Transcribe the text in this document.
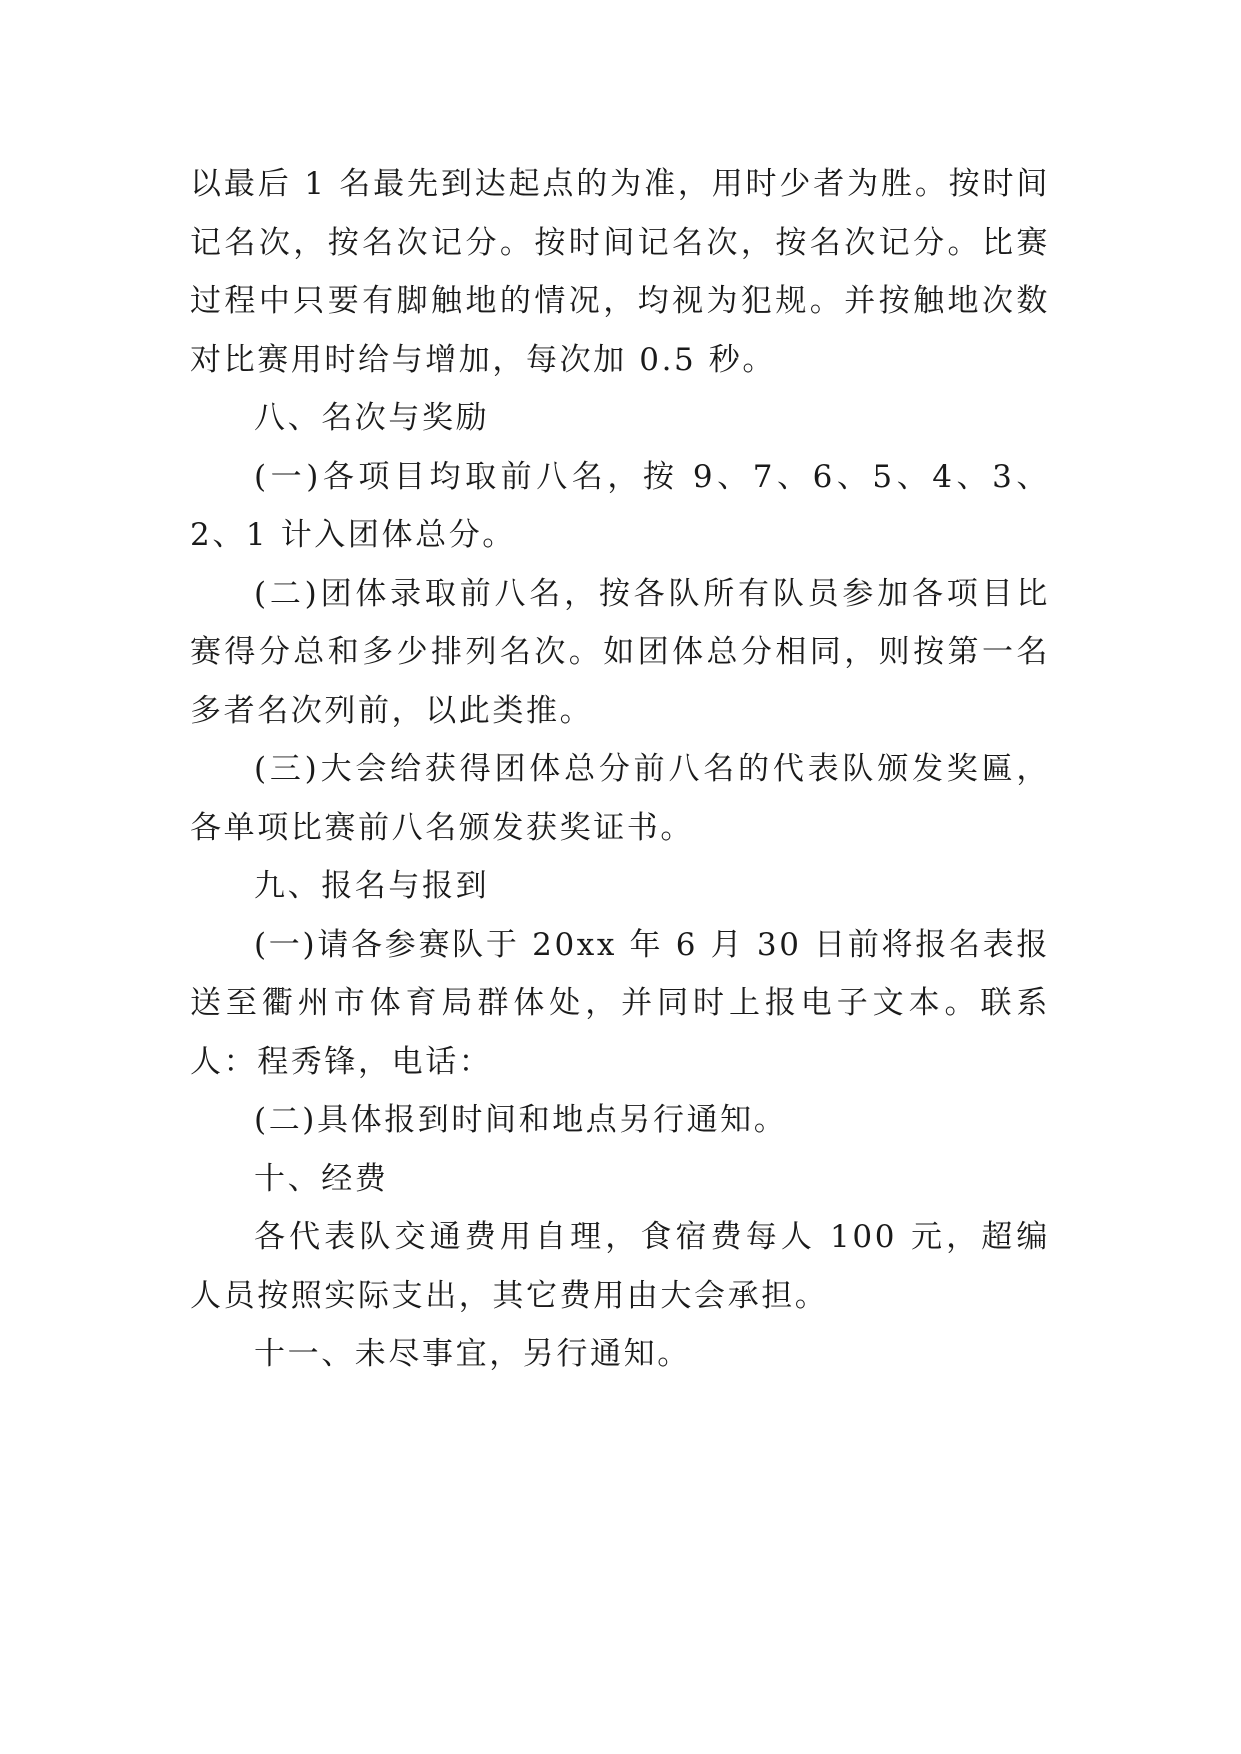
以最后 1 名最先到达起点的为准，用时少者为胜。按时间记名次，按名次记分。按时间记名次，按名次记分。比赛过程中只要有脚触地的情况，均视为犯规。并按触地次数对比赛用时给与增加，每次加 0.5 秒。

八、名次与奖励

(一)各项目均取前八名，按 9、7、6、5、4、3、2、1 计入团体总分。

(二)团体录取前八名，按各队所有队员参加各项目比赛得分总和多少排列名次。如团体总分相同，则按第一名多者名次列前，以此类推。

(三)大会给获得团体总分前八名的代表队颁发奖匾，各单项比赛前八名颁发获奖证书。

九、报名与报到

(一)请各参赛队于 20xx 年 6 月 30 日前将报名表报送至衢州市体育局群体处，并同时上报电子文本。联系人：程秀锋，电话：

(二)具体报到时间和地点另行通知。

十、经费

各代表队交通费用自理，食宿费每人 100 元，超编人员按照实际支出，其它费用由大会承担。

十一、未尽事宜，另行通知。
